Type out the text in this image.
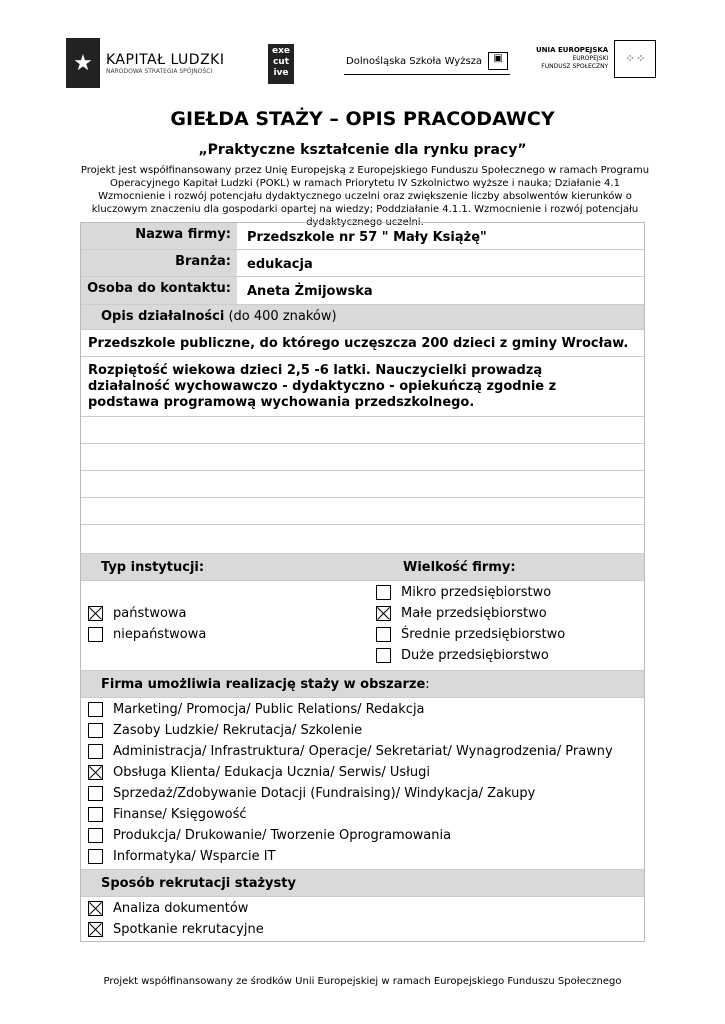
★ KAPITAŁ LUDZKI
NARODOWA STRATEGIA SPÓJNOŚCI
exe cut ive
Dolnośląska Szkoła Wyższa	▣
UNIA EUROPEJSKA
EUROPEJSKI
FUNDUSZ SPOŁECZNY
⁘ ⁘
GIEŁDA STAŻY – OPIS PRACODAWCY
„Praktyczne kształcenie dla rynku pracy”
Projekt jest współfinansowany przez Unię Europejską z Europejskiego Funduszu Społecznego w ramach Programu Operacyjnego Kapitał Ludzki (POKL) w ramach Priorytetu IV Szkolnictwo wyższe i nauka; Działanie 4.1 Wzmocnienie i rozwój potencjału dydaktycznego uczelni oraz zwiększenie liczby absolwentów kierunków o kluczowym znaczeniu dla gospodarki opartej na wiedzy; Poddziałanie 4.1.1. Wzmocnienie i rozwój potencjału dydaktycznego uczelni.
Nazwa firmy:	Przedszkole nr 57 " Mały Książę"
Branża:	edukacja
Osoba do kontaktu:	Aneta Żmijowska
Opis działalności (do 400 znaków)
Przedszkole publiczne, do którego uczęszcza 200 dzieci z gminy Wrocław.
Rozpiętość wiekowa dzieci 2,5 -6 latki. Nauczycielki prowadzą działalność wychowawczo - dydaktyczno - opiekuńczą zgodnie z podstawa programową wychowania przedszkolnego.
Typ instytucji:	Wielkość firmy:
państwowa
niepaństwowa
Mikro przedsiębiorstwo
Małe przedsiębiorstwo
Średnie przedsiębiorstwo
Duże przedsiębiorstwo
Firma umożliwia realizację staży w obszarze:
Marketing/ Promocja/ Public Relations/ Redakcja
Zasoby Ludzkie/ Rekrutacja/ Szkolenie
Administracja/ Infrastruktura/ Operacje/ Sekretariat/ Wynagrodzenia/ Prawny
Obsługa Klienta/ Edukacja Ucznia/ Serwis/ Usługi
Sprzedaż/Zdobywanie Dotacji (Fundraising)/ Windykacja/ Zakupy
Finanse/ Księgowość
Produkcja/ Drukowanie/ Tworzenie Oprogramowania
Informatyka/ Wsparcie IT
Sposób rekrutacji stażysty
Analiza dokumentów
Spotkanie rekrutacyjne
Projekt współfinansowany ze środków Unii Europejskiej w ramach Europejskiego Funduszu Społecznego
